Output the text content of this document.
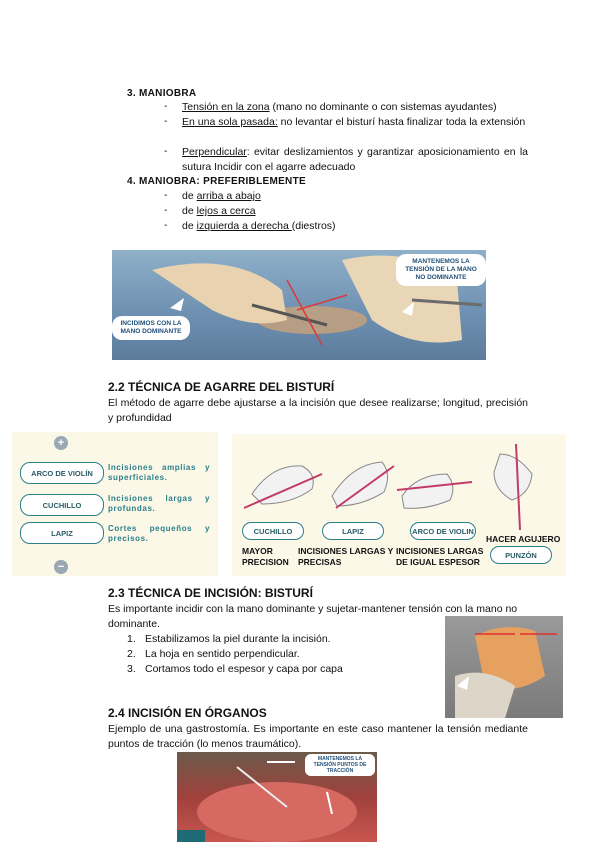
3. MANIOBRA
-	Tensión en la zona (mano no dominante o con sistemas ayudantes)
-	En una sola pasada: no levantar el bisturí hasta finalizar toda la extensión
-	Perpendicular: evitar deslizamientos y garantizar aposicionamiento en la sutura Incidir con el agarre adecuado
4. MANIOBRA: PREFERIBLEMENTE
-	de arriba a abajo
-	de lejos a cerca
-	de izquierda a derecha (diestros)
MANTENEMOS LA TENSIÓN DE LA MANO NO DOMINANTE
INCIDIMOS CON LA MANO DOMINANTE
2.2 TÉCNICA DE AGARRE DEL BISTURÍ
El método de agarre debe ajustarse a la incisión que desee realizarse; longitud, precisión y profundidad
+
−
ARCO DE VIOLÍN
Incisiones amplias y superficiales.
CUCHILLO
Incisiones largas y profundas.
LAPIZ	Cortes pequeños y precisos.
CUCHILLO	LAPIZ	ARCO DE VIOLIN
PUNZÓN
MAYOR PRECISION
INCISIONES LARGAS Y PRECISAS
INCISIONES LARGAS DE IGUAL ESPESOR
HACER AGUJERO
2.3 TÉCNICA DE INCISIÓN: BISTURÍ
Es importante incidir con la mano dominante y sujetar-mantener tensión con la mano no dominante.
1. Estabilizamos la piel durante la incisión.
2. La hoja en sentido perpendicular.
3. Cortamos todo el espesor y capa por capa
2.4 INCISIÓN EN ÓRGANOS
Ejemplo de una gastrostomía. Es importante en este caso mantener la tensión mediante puntos de tracción (lo menos traumático).
MANTENEMOS LA TENSIÓN PUNTOS DE TRACCIÓN
